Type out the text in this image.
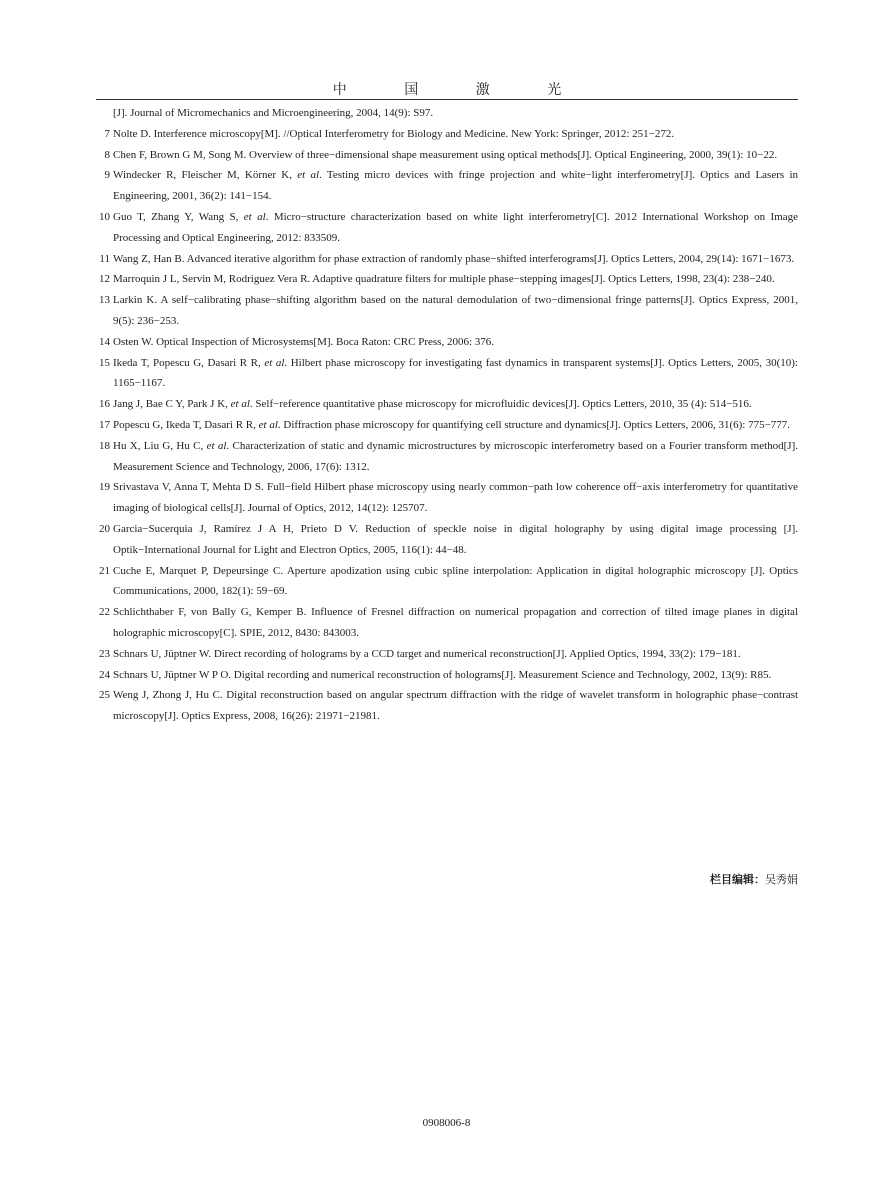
中 国 激 光
[J]. Journal of Micromechanics and Microengineering, 2004, 14(9): S97.
7 Nolte D. Interference microscopy[M]. //Optical Interferometry for Biology and Medicine. New York: Springer, 2012: 251−272.
8 Chen F, Brown G M, Song M. Overview of three−dimensional shape measurement using optical methods[J]. Optical Engineering, 2000, 39(1): 10−22.
9 Windecker R, Fleischer M, Körner K, et al. Testing micro devices with fringe projection and white−light interferometry[J]. Optics and Lasers in Engineering, 2001, 36(2): 141−154.
10 Guo T, Zhang Y, Wang S, et al. Micro−structure characterization based on white light interferometry[C]. 2012 International Workshop on Image Processing and Optical Engineering, 2012: 833509.
11 Wang Z, Han B. Advanced iterative algorithm for phase extraction of randomly phase−shifted interferograms[J]. Optics Letters, 2004, 29(14): 1671−1673.
12 Marroquin J L, Servin M, Rodriguez Vera R. Adaptive quadrature filters for multiple phase−stepping images[J]. Optics Letters, 1998, 23(4): 238−240.
13 Larkin K. A self−calibrating phase−shifting algorithm based on the natural demodulation of two−dimensional fringe patterns[J]. Optics Express, 2001, 9(5): 236−253.
14 Osten W. Optical Inspection of Microsystems[M]. Boca Raton: CRC Press, 2006: 376.
15 Ikeda T, Popescu G, Dasari R R, et al. Hilbert phase microscopy for investigating fast dynamics in transparent systems[J]. Optics Letters, 2005, 30(10): 1165−1167.
16 Jang J, Bae C Y, Park J K, et al. Self−reference quantitative phase microscopy for microfluidic devices[J]. Optics Letters, 2010, 35 (4): 514−516.
17 Popescu G, Ikeda T, Dasari R R, et al. Diffraction phase microscopy for quantifying cell structure and dynamics[J]. Optics Letters, 2006, 31(6): 775−777.
18 Hu X, Liu G, Hu C, et al. Characterization of static and dynamic microstructures by microscopic interferometry based on a Fourier transform method[J]. Measurement Science and Technology, 2006, 17(6): 1312.
19 Srivastava V, Anna T, Mehta D S. Full−field Hilbert phase microscopy using nearly common−path low coherence off−axis interferometry for quantitative imaging of biological cells[J]. Journal of Optics, 2012, 14(12): 125707.
20 Garcia−Sucerquia J, Ramírez J A H, Prieto D V. Reduction of speckle noise in digital holography by using digital image processing [J]. Optik−International Journal for Light and Electron Optics, 2005, 116(1): 44−48.
21 Cuche E, Marquet P, Depeursinge C. Aperture apodization using cubic spline interpolation: Application in digital holographic microscopy [J]. Optics Communications, 2000, 182(1): 59−69.
22 Schlichthaber F, von Bally G, Kemper B. Influence of Fresnel diffraction on numerical propagation and correction of tilted image planes in digital holographic microscopy[C]. SPIE, 2012, 8430: 843003.
23 Schnars U, Jüptner W. Direct recording of holograms by a CCD target and numerical reconstruction[J]. Applied Optics, 1994, 33(2): 179−181.
24 Schnars U, Jüptner W P O. Digital recording and numerical reconstruction of holograms[J]. Measurement Science and Technology, 2002, 13(9): R85.
25 Weng J, Zhong J, Hu C. Digital reconstruction based on angular spectrum diffraction with the ridge of wavelet transform in holographic phase−contrast microscopy[J]. Optics Express, 2008, 16(26): 21971−21981.
栏目编辑：吴秀娟
0908006-8
